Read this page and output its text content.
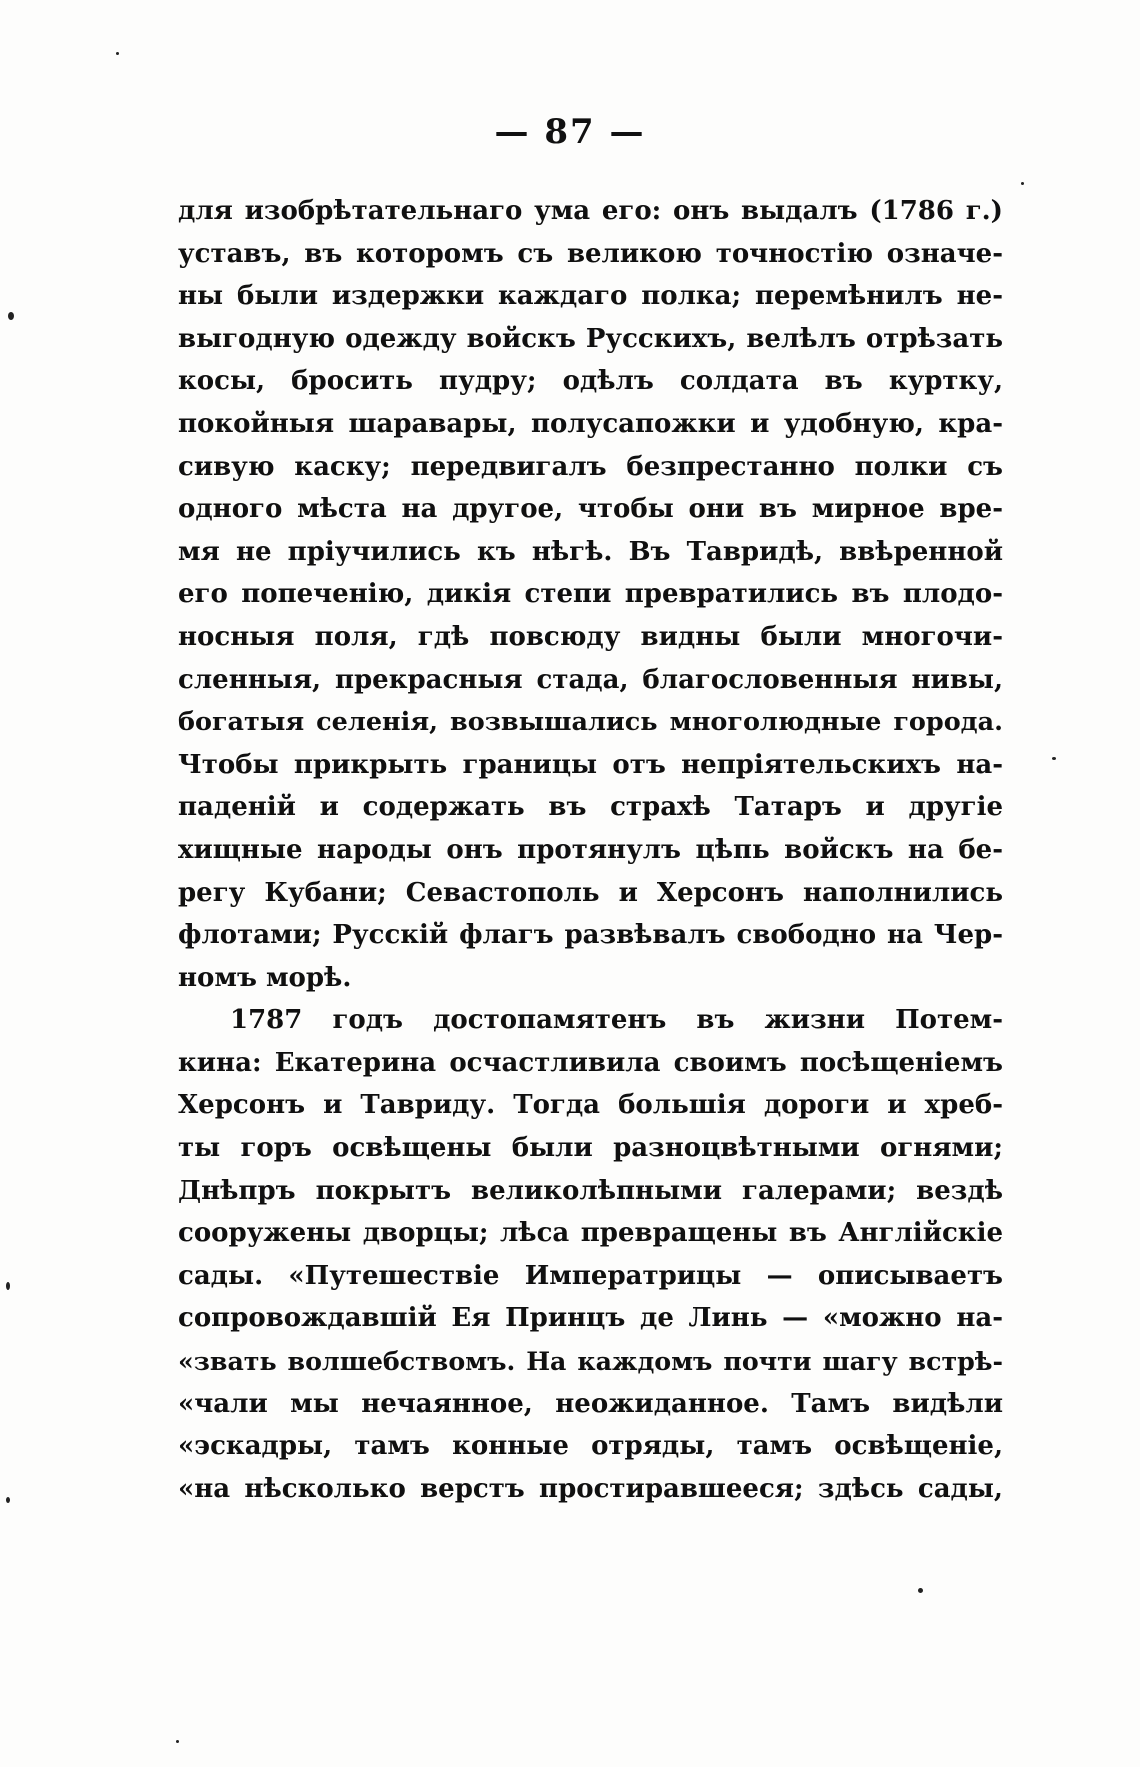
— 87 —
для изобрѣтательнаго ума его: онъ выдалъ (1786 г.)
уставъ, въ которомъ съ великою точностію означе-
ны были издержки каждаго полка; перемѣнилъ не-
выгодную одежду войскъ Русскихъ, велѣлъ отрѣзать
косы, бросить пудру; одѣлъ солдата въ куртку,
покойныя шаравары, полусапожки и удобную, кра-
сивую каску; передвигалъ безпрестанно полки съ
одного мѣста на другое, чтобы они въ мирное вре-
мя не пріучились къ нѣгѣ. Въ Тавридѣ, ввѣренной
его попеченію, дикія степи превратились въ плодо-
носныя поля, гдѣ повсюду видны были многочи-
сленныя, прекрасныя стада, благословенныя нивы,
богатыя селенія, возвышались многолюдные города.
Чтобы прикрыть границы отъ непріятельскихъ на-
паденій и содержать въ страхѣ Татаръ и другіе
хищные народы онъ протянулъ цѣпь войскъ на бе-
регу Кубани; Севастополь и Херсонъ наполнились
флотами; Русскій флагъ развѣвалъ свободно на Чер-
номъ морѣ.
1787 годъ достопамятенъ въ жизни Потем-
кина: Екатерина осчастливила своимъ посѣщеніемъ
Херсонъ и Тавриду. Тогда большія дороги и хреб-
ты горъ освѣщены были разноцвѣтными огнями;
Днѣпръ покрытъ великолѣпными галерами; вездѣ
сооружены дворцы; лѣса превращены въ Англійскіе
сады. «Путешествіе Императрицы — описываетъ
сопровождавшій Ея Принцъ де Линь — «можно на-
«звать волшебствомъ. На каждомъ почти шагу встрѣ-
«чали мы нечаянное, неожиданное. Тамъ видѣли
«эскадры, тамъ конные отряды, тамъ освѣщеніе,
«на нѣсколько верстъ простиравшееся; здѣсь сады,
